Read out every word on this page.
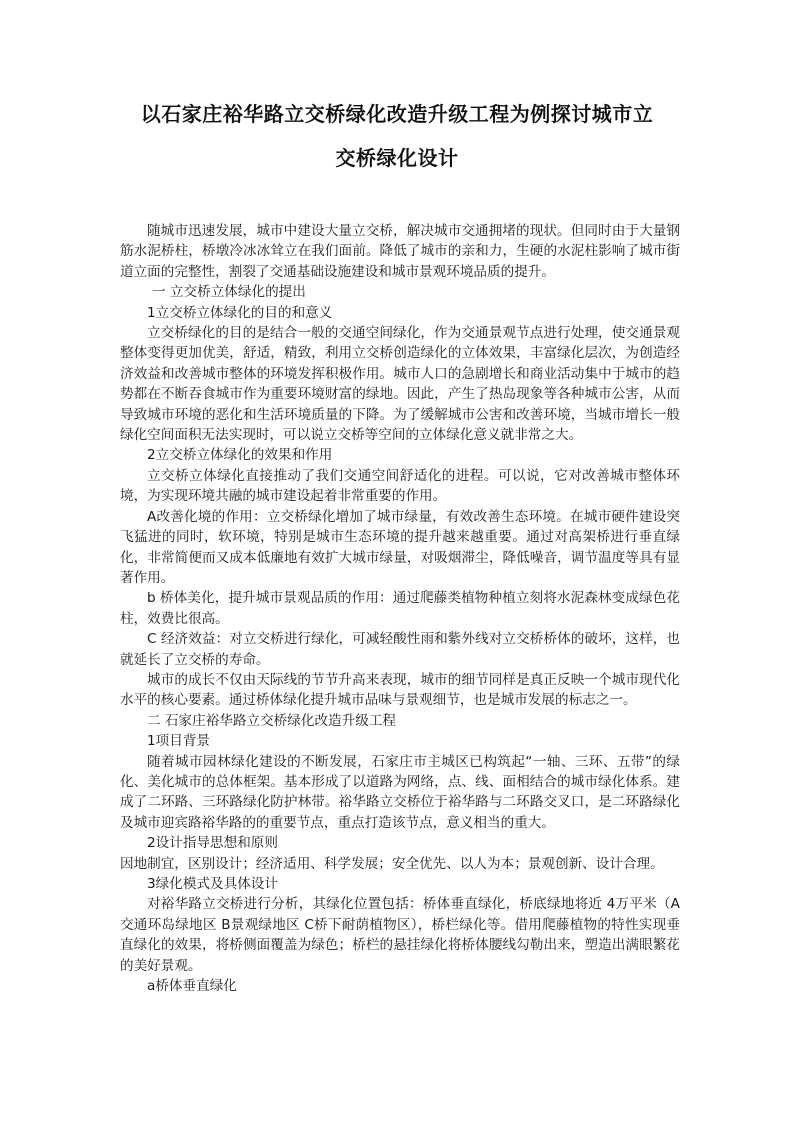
以石家庄裕华路立交桥绿化改造升级工程为例探讨城市立
交桥绿化设计

随城市迅速发展，城市中建设大量立交桥，解决城市交通拥堵的现状。但同时由于大量钢筋水泥桥柱，桥墩冷冰冰耸立在我们面前。降低了城市的亲和力，生硬的水泥柱影响了城市街道立面的完整性，割裂了交通基础设施建设和城市景观环境品质的提升。

一 立交桥立体绿化的提出

1立交桥立体绿化的目的和意义

立交桥绿化的目的是结合一般的交通空间绿化，作为交通景观节点进行处理，使交通景观整体变得更加优美，舒适，精致，利用立交桥创造绿化的立体效果，丰富绿化层次，为创造经济效益和改善城市整体的环境发挥积极作用。城市人口的急剧增长和商业活动集中于城市的趋势都在不断吞食城市作为重要环境财富的绿地。因此，产生了热岛现象等各种城市公害，从而导致城市环境的恶化和生活环境质量的下降。为了缓解城市公害和改善环境，当城市增长一般绿化空间面积无法实现时，可以说立交桥等空间的立体绿化意义就非常之大。

2立交桥立体绿化的效果和作用

立交桥立体绿化直接推动了我们交通空间舒适化的进程。可以说，它对改善城市整体环境，为实现环境共融的城市建设起着非常重要的作用。

A改善化境的作用：立交桥绿化增加了城市绿量，有效改善生态环境。在城市硬件建设突飞猛进的同时，软环境，特别是城市生态环境的提升越来越重要。通过对高架桥进行垂直绿化，非常简便而又成本低廉地有效扩大城市绿量，对吸烟滞尘，降低噪音，调节温度等具有显著作用。

b 桥体美化，提升城市景观品质的作用：通过爬藤类植物种植立刻将水泥森林变成绿色花柱，效费比很高。

C 经济效益：对立交桥进行绿化，可减轻酸性雨和紫外线对立交桥桥体的破坏，这样，也就延长了立交桥的寿命。

城市的成长不仅由天际线的节节升高来表现，城市的细节同样是真正反映一个城市现代化水平的核心要素。通过桥体绿化提升城市品味与景观细节，也是城市发展的标志之一。

二 石家庄裕华路立交桥绿化改造升级工程

1项目背景

随着城市园林绿化建设的不断发展，石家庄市主城区已构筑起“一轴、三环、五带”的绿化、美化城市的总体框架。基本形成了以道路为网络，点、线、面相结合的城市绿化体系。建成了二环路、三环路绿化防护林带。裕华路立交桥位于裕华路与二环路交叉口，是二环路绿化及城市迎宾路裕华路的的重要节点，重点打造该节点，意义相当的重大。

2设计指导思想和原则

因地制宜，区别设计；经济适用、科学发展；安全优先、以人为本；景观创新、设计合理。

3绿化模式及具体设计

对裕华路立交桥进行分析，其绿化位置包括：桥体垂直绿化，桥底绿地将近 4万平米（A交通环岛绿地区 B景观绿地区 C桥下耐荫植物区），桥栏绿化等。借用爬藤植物的特性实现垂直绿化的效果，将桥侧面覆盖为绿色；桥栏的悬挂绿化将桥体腰线勾勒出来，塑造出满眼繁花的美好景观。

a桥体垂直绿化
